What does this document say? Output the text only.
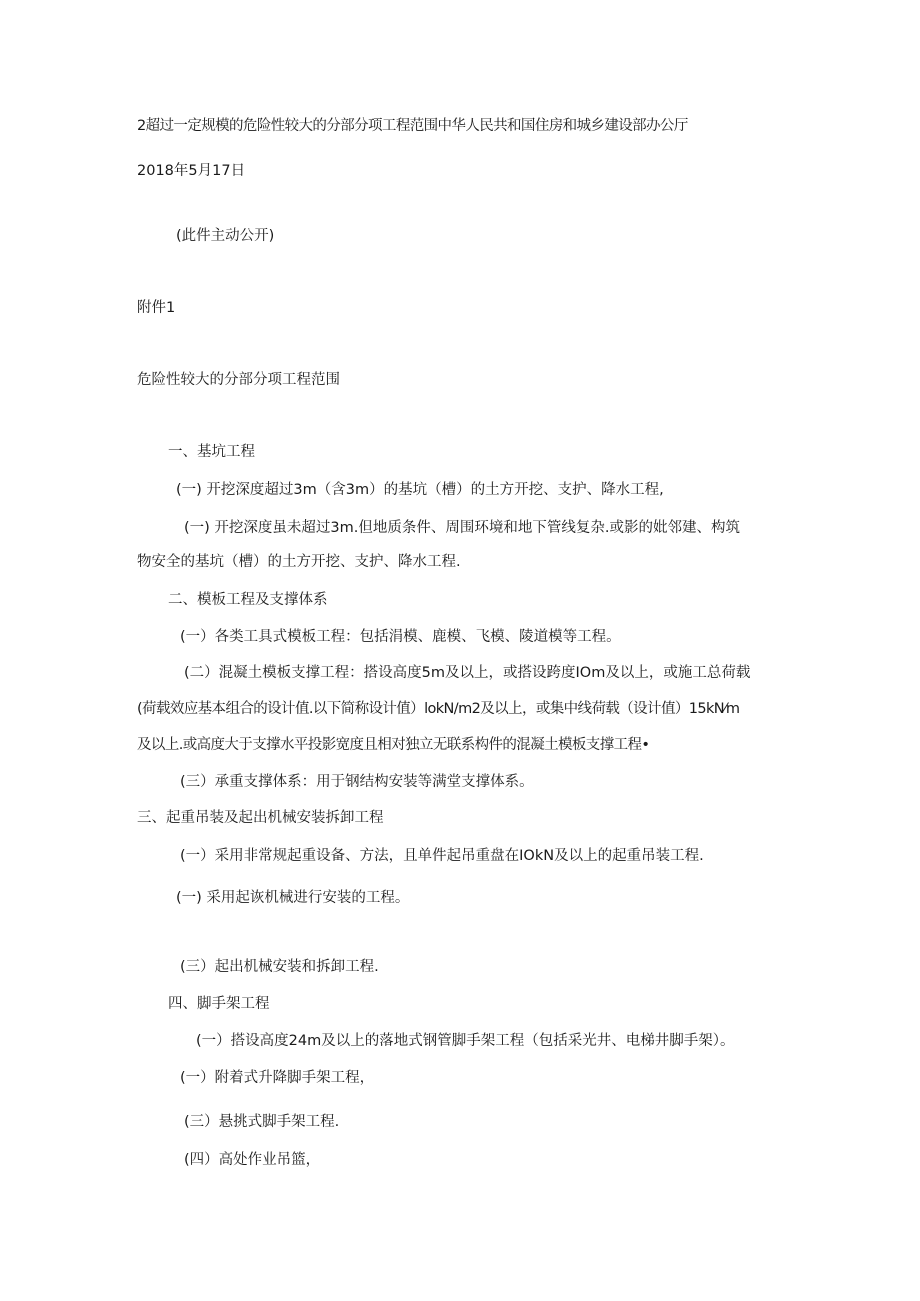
2超过一定规模的危险性较大的分部分项工程范围中华人民共和国住房和城乡建设部办公厅
2018年5月17日
(此件主动公开)
附件1
危险性较大的分部分项工程范围
一、基坑工程
(一) 开挖深度超过3m（含3m）的基坑（槽）的土方开挖、支护、降水工程,
(一) 开挖深度虽未超过3m.但地质条件、周围环境和地下管线复杂.或影的妣邻建、构筑
物安全的基坑（槽）的土方开挖、支护、降水工程.
二、模板工程及支撑体系
(一）各类工具式模板工程：包括涓模、鹿模、飞模、陵道模等工程。
(二）混凝土模板支撑工程：搭设高度5m及以上，或搭设跨度IOm及以上，或施工总荷载
(荷载效应基本组合的设计值.以下简称设计值）lokN/m2及以上，或集中线荷载（设计值）15kN⁄m
及以上.或高度大于支撑水平投影宽度且相对独立无联系构件的混凝土模板支撑工程•
(三）承重支撑体系：用于钢结构安装等满堂支撑体系。
三、起重吊装及起出机械安装拆卸工程
(一）采用非常规起重设备、方法，且单件起吊重盘在IOkN及以上的起重吊装工程.
(一) 采用起诙机械进行安装的工程。
(三）起出机械安装和拆卸工程.
四、脚手架工程
(一）搭设高度24m及以上的落地式钢管脚手架工程（包括采光井、电梯井脚手架）。
(一）附着式升降脚手架工程，
(三）悬挑式脚手架工程.
(四）高处作业吊篮，
